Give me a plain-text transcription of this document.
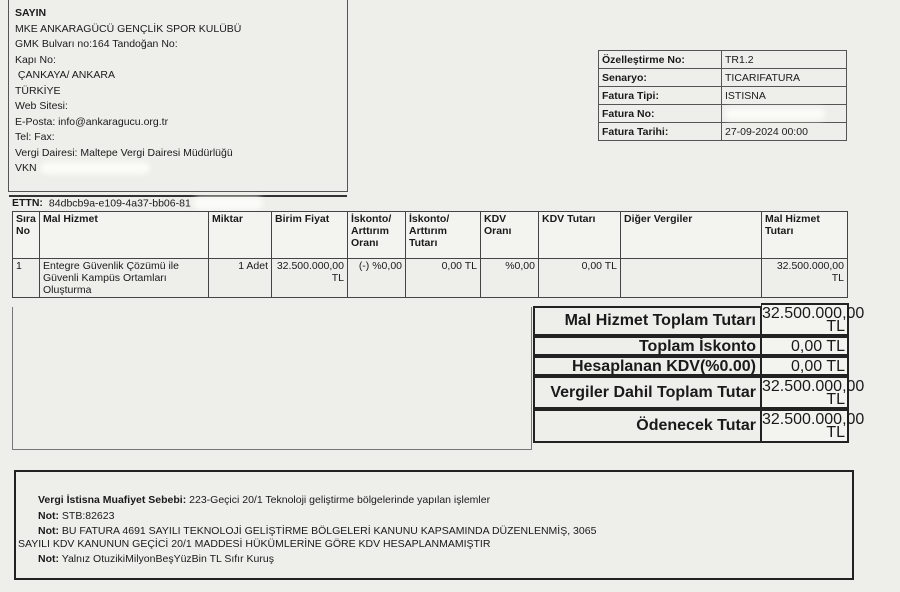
SAYIN
MKE ANKARAGÜCÜ GENÇLİK SPOR KULÜBÜ
GMK Bulvarı no:164 Tandoğan No:
Kapı No:
ÇANKAYA/ ANKARA
TÜRKİYE
Web Sitesi:
E-Posta: info@ankaragucu.org.tr
Tel: Fax:
Vergi Dairesi: Maltepe Vergi Dairesi Müdürlüğü
VKN
Özelleştirme No:	TR1.2
Senaryo:	TICARIFATURA
Fatura Tipi:	ISTISNA
Fatura No:	
Fatura Tarihi:	27-09-2024 00:00
ETTN: 84dbcb9a-e109-4a37-bb06-81
Sıra No	Mal Hizmet	Miktar	Birim Fiyat	İskonto/ Arttırım Oranı	İskonto/ Arttırım Tutarı	KDV Oranı	KDV Tutarı	Diğer Vergiler	Mal Hizmet Tutarı
1	Entegre Güvenlik Çözümü ile Güvenli Kampüs Ortamları Oluşturma	1 Adet	32.500.000,00 TL	(-) %0,00	0,00 TL	%0,00	0,00 TL		32.500.000,00 TL
Mal Hizmet Toplam Tutarı 32.500.000,00 TL
Toplam İskonto	0,00 TL
Hesaplanan KDV(%0.00)	0,00 TL
Vergiler Dahil Toplam Tutar 32.500.000,00 TL
Ödenecek Tutar 32.500.000,00 TL
Vergi İstisna Muafiyet Sebebi: 223-Geçici 20/1 Teknoloji geliştirme bölgelerinde yapılan işlemler
Not: STB:82623
Not: BU FATURA 4691 SAYILI TEKNOLOJİ GELİŞTİRME BÖLGELERİ KANUNU KAPSAMINDA DÜZENLENMİŞ, 3065
SAYILI KDV KANUNUN GEÇİCİ 20/1 MADDESİ HÜKÜMLERİNE GÖRE KDV HESAPLANMAMIŞTIR
Not: Yalnız OtuzikiMilyonBeşYüzBin TL Sıfır Kuruş
